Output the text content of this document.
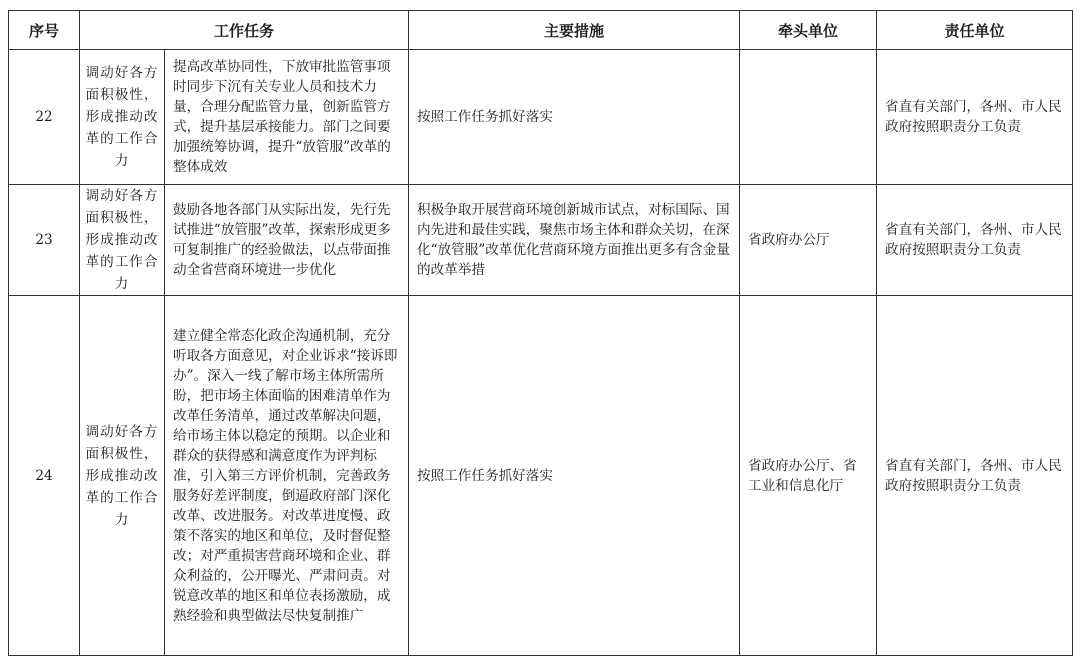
序号	工作任务		主要措施	牵头单位	责任单位
22	调动好各方面积极性，形成推动改革的工作合力	提高改革协同性，下放审批监管事项时同步下沉有关专业人员和技术力量，合理分配监管力量，创新监管方式，提升基层承接能力。部门之间要加强统筹协调，提升“放管服”改革的整体成效	按照工作任务抓好落实		省直有关部门，各州、市人民政府按照职责分工负责
23	调动好各方面积极性，形成推动改革的工作合力	鼓励各地各部门从实际出发，先行先试推进“放管服”改革，探索形成更多可复制推广的经验做法，以点带面推动全省营商环境进一步优化	积极争取开展营商环境创新城市试点，对标国际、国内先进和最佳实践，聚焦市场主体和群众关切，在深化“放管服”改革优化营商环境方面推出更多有含金量的改革举措	省政府办公厅	省直有关部门，各州、市人民政府按照职责分工负责
24	调动好各方面积极性，形成推动改革的工作合力	建立健全常态化政企沟通机制，充分听取各方面意见，对企业诉求“接诉即办”。深入一线了解市场主体所需所盼，把市场主体面临的困难清单作为改革任务清单，通过改革解决问题，给市场主体以稳定的预期。以企业和群众的获得感和满意度作为评判标准，引入第三方评价机制，完善政务服务好差评制度，倒逼政府部门深化改革、改进服务。对改革进度慢、政策不落实的地区和单位，及时督促整改；对严重损害营商环境和企业、群众利益的，公开曝光、严肃问责。对锐意改革的地区和单位表扬激励，成熟经验和典型做法尽快复制推广	按照工作任务抓好落实	省政府办公厅、省工业和信息化厅	省直有关部门，各州、市人民政府按照职责分工负责
